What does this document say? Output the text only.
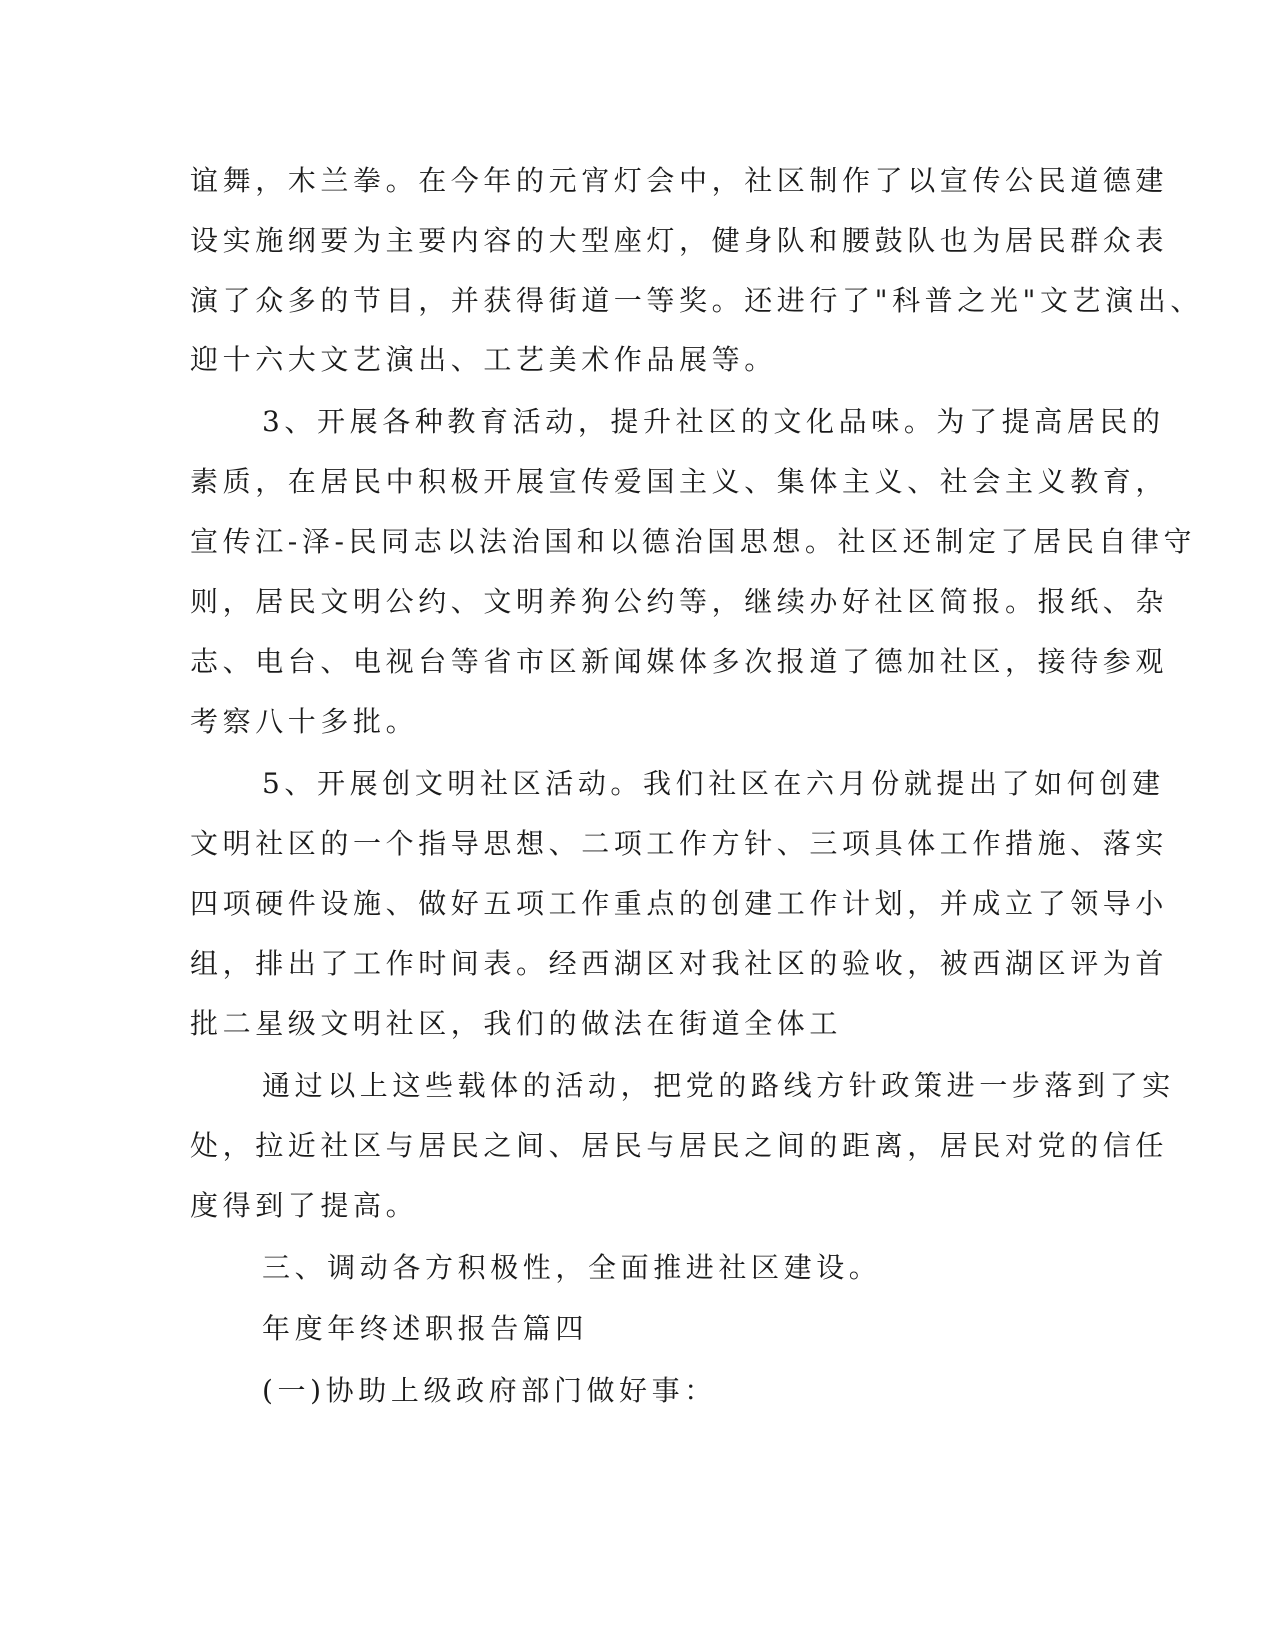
谊舞，木兰拳。在今年的元宵灯会中，社区制作了以宣传公民道德建
设实施纲要为主要内容的大型座灯，健身队和腰鼓队也为居民群众表
演了众多的节目，并获得街道一等奖。还进行了"科普之光"文艺演出、
迎十六大文艺演出、工艺美术作品展等。
3、开展各种教育活动，提升社区的文化品味。为了提高居民的
素质，在居民中积极开展宣传爱国主义、集体主义、社会主义教育，
宣传江-泽-民同志以法治国和以德治国思想。社区还制定了居民自律守
则，居民文明公约、文明养狗公约等，继续办好社区简报。报纸、杂
志、电台、电视台等省市区新闻媒体多次报道了德加社区，接待参观
考察八十多批。
5、开展创文明社区活动。我们社区在六月份就提出了如何创建
文明社区的一个指导思想、二项工作方针、三项具体工作措施、落实
四项硬件设施、做好五项工作重点的创建工作计划，并成立了领导小
组，排出了工作时间表。经西湖区对我社区的验收，被西湖区评为首
批二星级文明社区，我们的做法在街道全体工
通过以上这些载体的活动，把党的路线方针政策进一步落到了实
处，拉近社区与居民之间、居民与居民之间的距离，居民对党的信任
度得到了提高。
三、调动各方积极性，全面推进社区建设。
年度年终述职报告篇四
(一)协助上级政府部门做好事：
